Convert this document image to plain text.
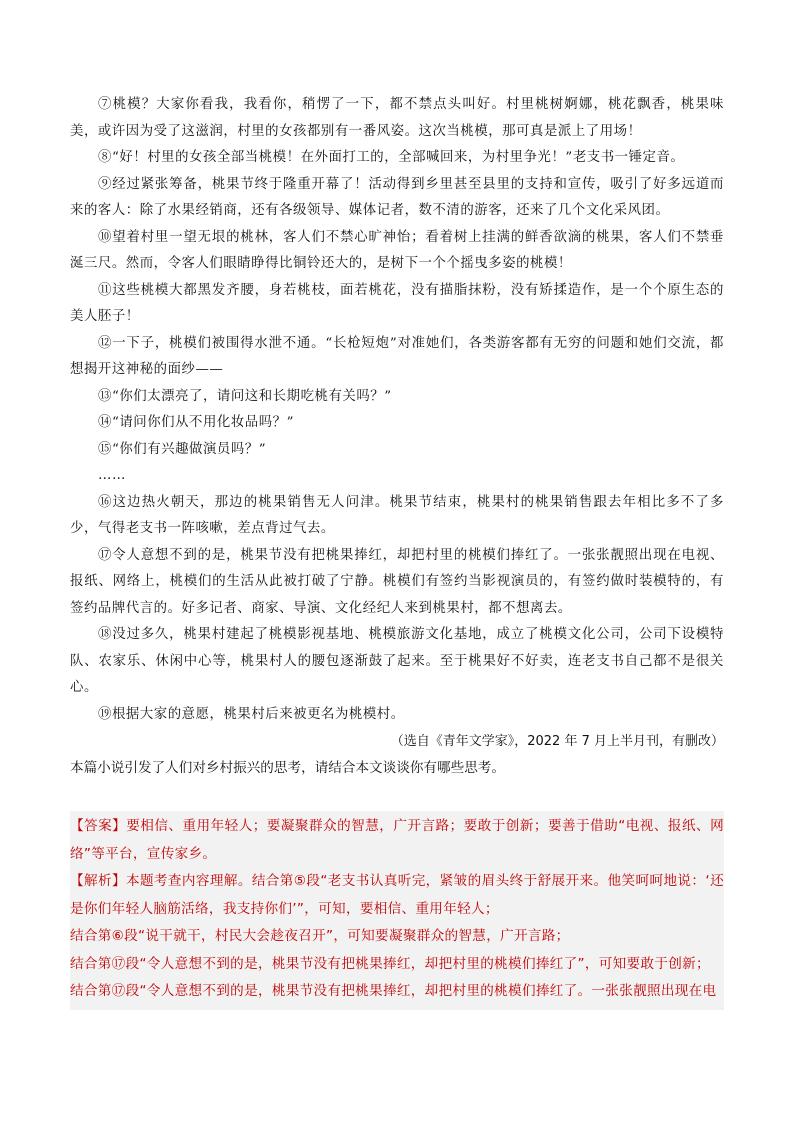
⑦桃模？大家你看我，我看你，稍愣了一下，都不禁点头叫好。村里桃树婀娜，桃花飘香，桃果味美，或许因为受了这滋润，村里的女孩都别有一番风姿。这次当桃模，那可真是派上了用场！

⑧“好！村里的女孩全部当桃模！在外面打工的，全部喊回来，为村里争光！”老支书一锤定音。

⑨经过紧张筹备，桃果节终于隆重开幕了！活动得到乡里甚至县里的支持和宣传，吸引了好多远道而来的客人：除了水果经销商，还有各级领导、媒体记者，数不清的游客，还来了几个文化采风团。

⑩望着村里一望无垠的桃林，客人们不禁心旷神怡；看着树上挂满的鲜香欲滴的桃果，客人们不禁垂涎三尺。然而，令客人们眼睛睁得比铜铃还大的，是树下一个个摇曳多姿的桃模！

⑪这些桃模大都黑发齐腰，身若桃枝，面若桃花，没有描脂抹粉，没有矫揉造作，是一个个原生态的美人胚子！

⑫一下子，桃模们被围得水泄不通。“长枪短炮”对准她们，各类游客都有无穷的问题和她们交流，都想揭开这神秘的面纱——

⑬“你们太漂亮了，请问这和长期吃桃有关吗？”

⑭“请问你们从不用化妆品吗？”

⑮“你们有兴趣做演员吗？”

……

⑯这边热火朝天，那边的桃果销售无人问津。桃果节结束，桃果村的桃果销售跟去年相比多不了多少，气得老支书一阵咳嗽，差点背过气去。

⑰令人意想不到的是，桃果节没有把桃果捧红，却把村里的桃模们捧红了。一张张靓照出现在电视、报纸、网络上，桃模们的生活从此被打破了宁静。桃模们有签约当影视演员的，有签约做时装模特的，有签约品牌代言的。好多记者、商家、导演、文化经纪人来到桃果村，都不想离去。

⑱没过多久，桃果村建起了桃模影视基地、桃模旅游文化基地，成立了桃模文化公司，公司下设模特队、农家乐、休闲中心等，桃果村人的腰包逐渐鼓了起来。至于桃果好不好卖，连老支书自己都不是很关心。

⑲根据大家的意愿，桃果村后来被更名为桃模村。

（选自《青年文学家》，2022 年 7 月上半月刊，有删改）

本篇小说引发了人们对乡村振兴的思考，请结合本文谈谈你有哪些思考。

【答案】要相信、重用年轻人；要凝聚群众的智慧，广开言路；要敢于创新；要善于借助“电视、报纸、网络”等平台，宣传家乡。

【解析】本题考查内容理解。结合第⑤段“老支书认真听完，紧皱的眉头终于舒展开来。他笑呵呵地说：‘还是你们年轻人脑筋活络，我支持你们’”，可知，要相信、重用年轻人；

结合第⑥段“说干就干，村民大会趁夜召开”，可知要凝聚群众的智慧，广开言路；

结合第⑰段“令人意想不到的是，桃果节没有把桃果捧红，却把村里的桃模们捧红了”，可知要敢于创新；

结合第⑰段“令人意想不到的是，桃果节没有把桃果捧红，却把村里的桃模们捧红了。一张张靓照出现在电
